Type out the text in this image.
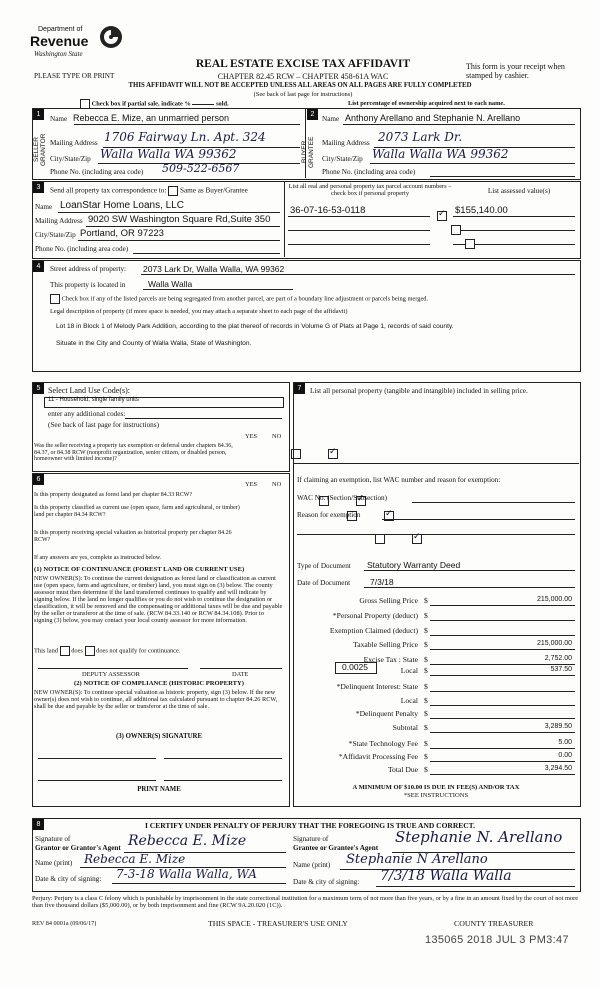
Department of
Revenue
Washington State
PLEASE TYPE OR PRINT
REAL ESTATE EXCISE TAX AFFIDAVIT
CHAPTER 82.45 RCW – CHAPTER 458-61A WAC
THIS AFFIDAVIT WILL NOT BE ACCEPTED UNLESS ALL AREAS ON ALL PAGES ARE FULLY COMPLETED
(See back of last page for instructions)
This form is your receipt when stamped by cashier.
Check box if partial sale, indicate %	sold.	List percentage of ownership acquired next to each name.
1	2
SELLER GRANTOR	BUYER GRANTEE
Name Rebecca E. Mize, an unmarried person
Mailing Address 1706 Fairway Ln. Apt. 324
City/State/Zip Walla Walla WA 99362
Phone No. (including area code) 509-522-6567
Name Anthony Arellano and Stephanie N. Arellano
Mailing Address 2073 Lark Dr.
City/State/Zip Walla Walla WA 99362
Phone No. (including area code)
3	Send all property tax correspondence to: Same as Buyer/Grantee
Name LoanStar Home Loans, LLC
Mailing Address 9020 SW Washington Square Rd,Suite 350
City/State/Zip Portland, OR 97223
Phone No. (including area code)
List all real and personal property tax parcel account numbers – check box if personal property	List assessed value(s)
36-07-16-53-0118	$155,140.00
✓
4	Street address of property: 2073 Lark Dr, Walla Walla, WA 99362
This property is located in	Walla Walla
Check box if any of the listed parcels are being segregated from another parcel, are part of a boundary line adjustment or parcels being merged.
Legal description of property (if more space is needed, you may attach a separate sheet to each page of the affidavit)
Lot 18 in Block 1 of Melody Park Addition, according to the plat thereof of records in Volume G of Plats at Page 1, records of said county.
Situate in the City and County of Walla Walla, State of Washington.
5 Select Land Use Code(s):
11 - Household, single family units
enter any additional codes:
(See back of last page for instructions)
YES NO
Was the seller receiving a property tax exemption or deferral under chapters 84.36, 84.37, or 84.38 RCW (nonprofit organization, senior citizen, or disabled person, homeowner with limited income)?
✓
6
YES NO
Is this property designated as forest land per chapter 84.33 RCW?
✓
Is this property classified as current use (open space, farm and agricultural, or timber) land per chapter 84.34 RCW?
✓
Is this property receiving special valuation as historical property per chapter 84.26 RCW?
✓
If any answers are yes, complete as instructed below.
(1) NOTICE OF CONTINUANCE (FOREST LAND OR CURRENT USE)
NEW OWNER(S): To continue the current designation as forest land or classification as current use (open space, farm and agriculture, or timber) land, you must sign on (3) below. The county assessor must then determine if the land transferred continues to qualify and will indicate by signing below. If the land no longer qualifies or you do not wish to continue the designation or classification, it will be removed and the compensating or additional taxes will be due and payable by the seller or transferor at the time of sale. (RCW 84.33.140 or RCW 84.34.108). Prior to signing (3) below, you may contact your local county assessor for more information.
This land does does not qualify for continuance.
DEPUTY ASSESSOR	DATE
(2) NOTICE OF COMPLIANCE (HISTORIC PROPERTY)
NEW OWNER(S): To continue special valuation as historic property, sign (3) below. If the new owner(s) does not wish to continue, all additional tax calculated pursuant to chapter 84.26 RCW, shall be due and payable by the seller or transferor at the time of sale.
(3) OWNER(S) SIGNATURE
PRINT NAME
7	List all personal property (tangible and intangible) included in selling price.
If claiming an exemption, list WAC number and reason for exemption:
WAC No. (Section/Subsection)
Reason for exemption
Type of Document Statutory Warranty Deed
Date of Document 7/3/18
0.0025
Gross Selling Price $	215,000.00
*Personal Property (deduct) $
Exemption Claimed (deduct) $
Taxable Selling Price $	215,000.00
Excise Tax : State $	2,752.00
Local $	537.50
*Delinquent Interest: State $
Local $
*Delinquent Penalty $
Subtotal $	3,289.50
*State Technology Fee $	5.00
*Affidavit Processing Fee $	0.00
Total Due $	3,294.50
A MINIMUM OF $10.00 IS DUE IN FEE(S) AND/OR TAX
*SEE INSTRUCTIONS
8	I CERTIFY UNDER PENALTY OF PERJURY THAT THE FOREGOING IS TRUE AND CORRECT.
Signature of
Grantor or Grantor's Agent Rebecca E. Mize
Name (print) Rebecca E. Mize
Date & city of signing: 7-3-18 Walla Walla, WA
Signature of
Grantee or Grantee's Agent
Stephanie N. Arellano
Name (print) Stephanie N Arellano
Date & city of signing: 7/3/18 Walla Walla
Perjury: Perjury is a class C felony which is punishable by imprisonment in the state correctional institution for a maximum term of not more than five years, or by a fine in an amount fixed by the court of not more than five thousand dollars ($5,000.00), or by both imprisonment and fine (RCW 9A.20.020 (1C)).
REV 84 0001a (09/06/17)	THIS SPACE - TREASURER'S USE ONLY	COUNTY TREASURER
135065 2018 JUL 3 PM3:47
